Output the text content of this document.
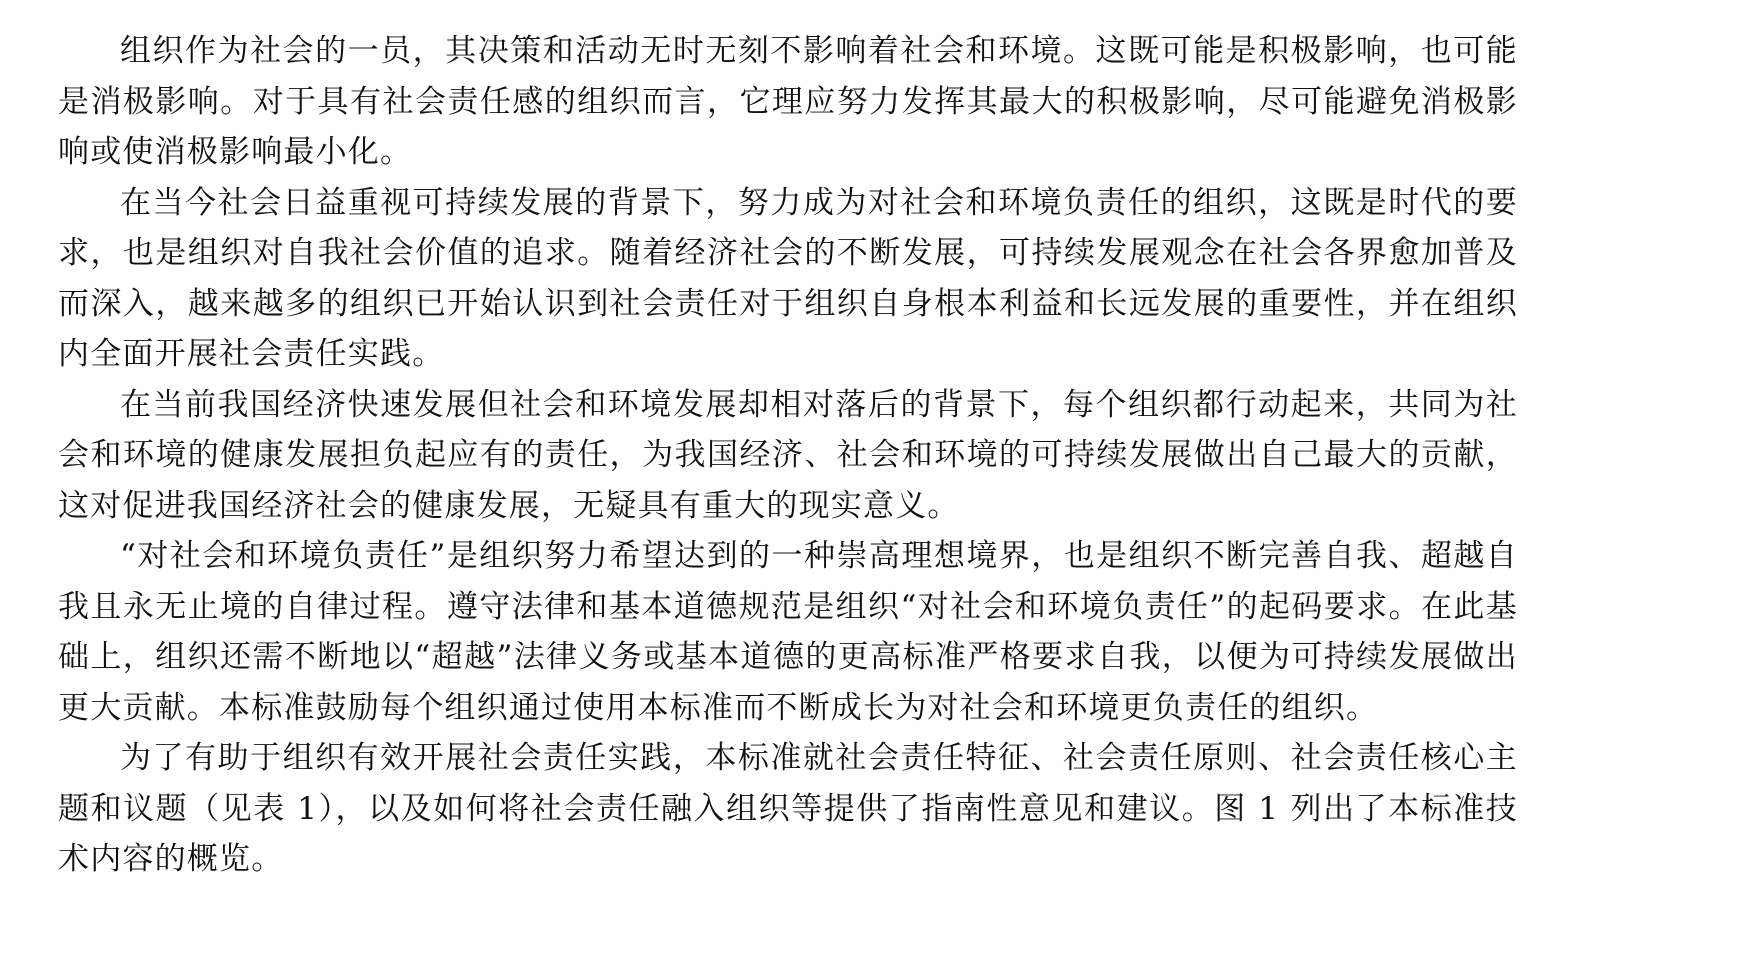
组织作为社会的一员，其决策和活动无时无刻不影响着社会和环境。这既可能是积极影响，也可能是消极影响。对于具有社会责任感的组织而言，它理应努力发挥其最大的积极影响，尽可能避免消极影响或使消极影响最小化。

在当今社会日益重视可持续发展的背景下，努力成为对社会和环境负责任的组织，这既是时代的要求，也是组织对自我社会价值的追求。随着经济社会的不断发展，可持续发展观念在社会各界愈加普及而深入，越来越多的组织已开始认识到社会责任对于组织自身根本利益和长远发展的重要性，并在组织内全面开展社会责任实践。

在当前我国经济快速发展但社会和环境发展却相对落后的背景下，每个组织都行动起来，共同为社会和环境的健康发展担负起应有的责任，为我国经济、社会和环境的可持续发展做出自己最大的贡献，这对促进我国经济社会的健康发展，无疑具有重大的现实意义。

“对社会和环境负责任”是组织努力希望达到的一种崇高理想境界，也是组织不断完善自我、超越自我且永无止境的自律过程。遵守法律和基本道德规范是组织“对社会和环境负责任”的起码要求。在此基础上，组织还需不断地以“超越”法律义务或基本道德的更高标准严格要求自我，以便为可持续发展做出更大贡献。本标准鼓励每个组织通过使用本标准而不断成长为对社会和环境更负责任的组织。

为了有助于组织有效开展社会责任实践，本标准就社会责任特征、社会责任原则、社会责任核心主题和议题（见表 1），以及如何将社会责任融入组织等提供了指南性意见和建议。图 1 列出了本标准技术内容的概览。
